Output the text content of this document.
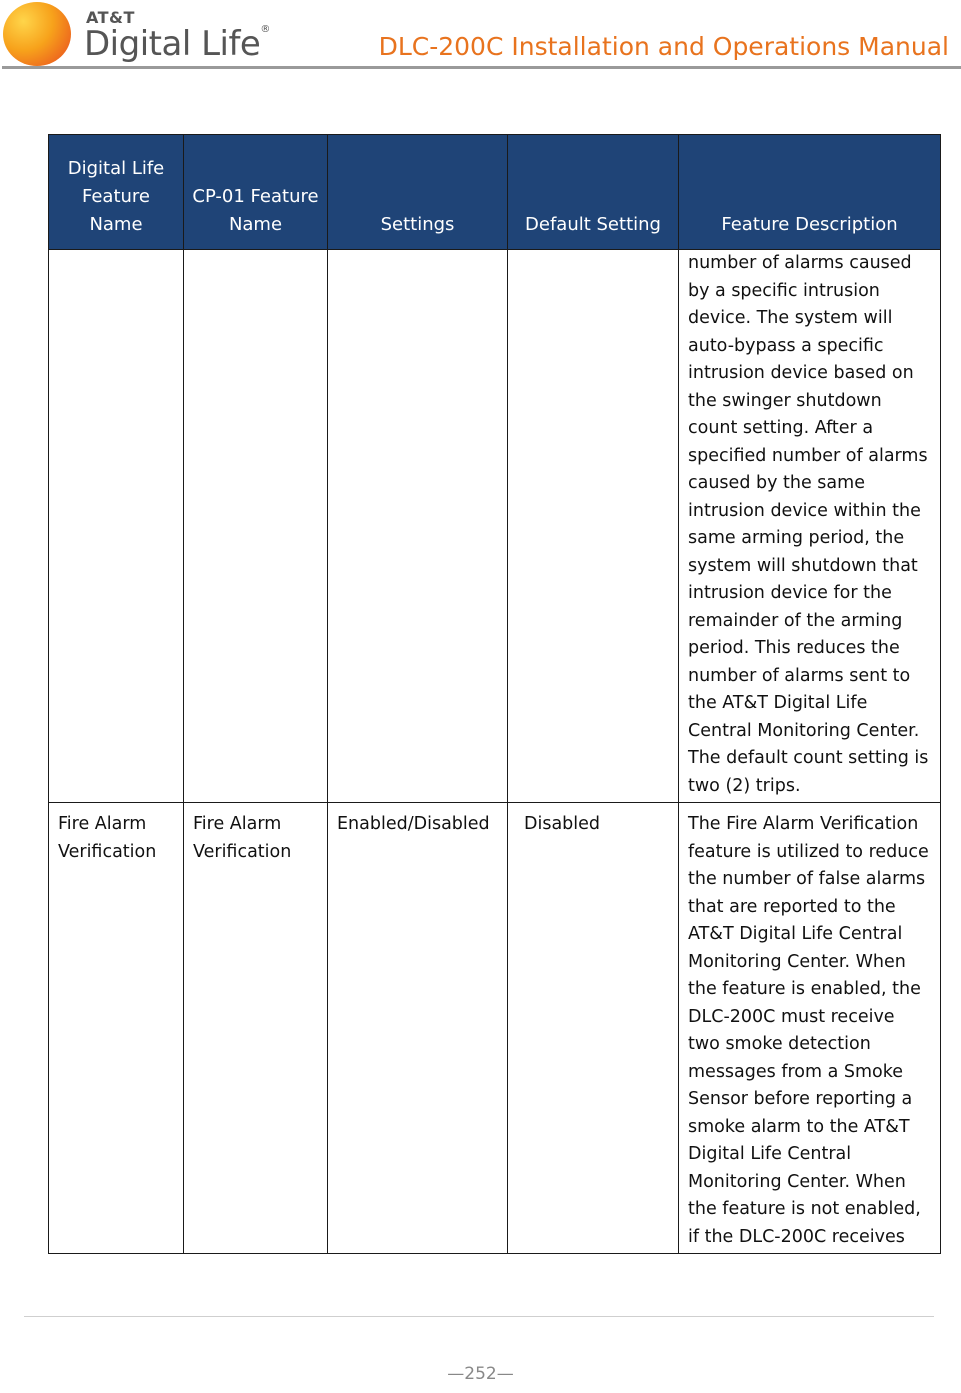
AT&T
Digital Life®
DLC-200C Installation and Operations Manual
Digital Life Feature Name	CP-01 Feature Name	Settings	Default Setting	Feature Description
				number of alarms caused by a specific intrusion device. The system will auto-bypass a specific intrusion device based on the swinger shutdown count setting. After a specified number of alarms caused by the same intrusion device within the same arming period, the system will shutdown that intrusion device for the remainder of the arming period. This reduces the number of alarms sent to the AT&T Digital Life Central Monitoring Center. The default count setting is two (2) trips.
Fire Alarm Verification	Fire Alarm Verification	Enabled/Disabled	Disabled	The Fire Alarm Verification feature is utilized to reduce the number of false alarms that are reported to the AT&T Digital Life Central Monitoring Center. When the feature is enabled, the DLC-200C must receive two smoke detection messages from a Smoke Sensor before reporting a smoke alarm to the AT&T Digital Life Central Monitoring Center. When the feature is not enabled, if the DLC-200C receives
—252—
